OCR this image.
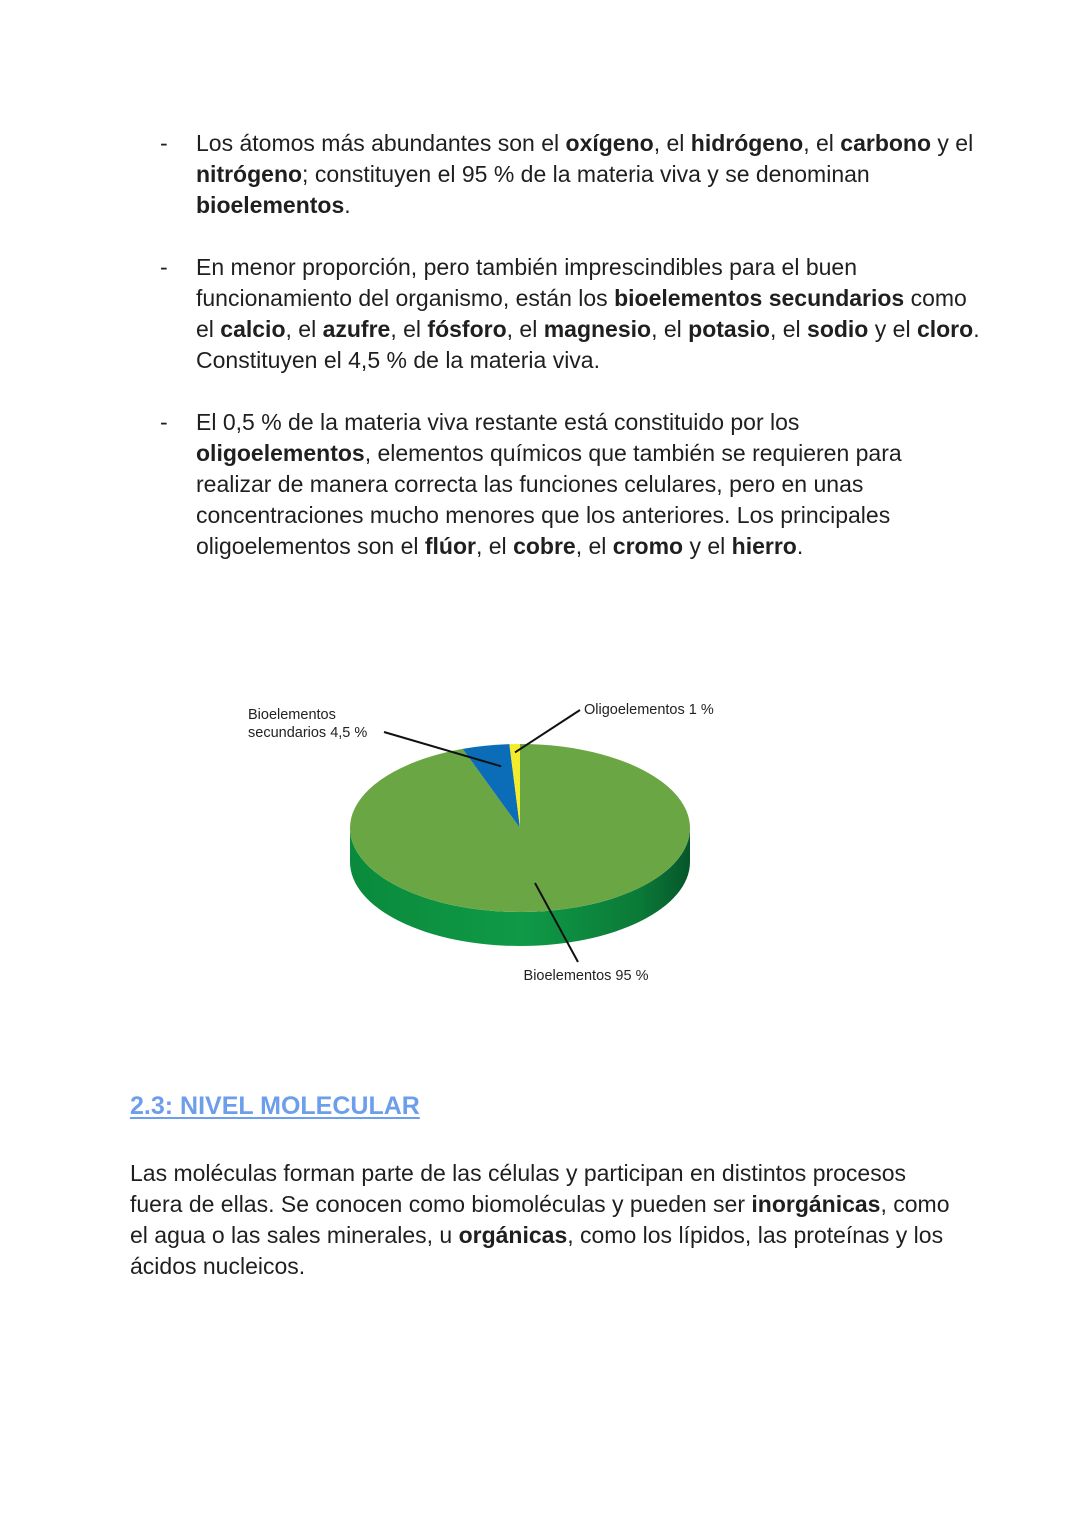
- Los átomos más abundantes son el oxígeno, el hidrógeno, el carbono y el nitrógeno; constituyen el 95 % de la materia viva y se denominan bioelementos.
- En menor proporción, pero también imprescindibles para el buen funcionamiento del organismo, están los bioelementos secundarios como el calcio, el azufre, el fósforo, el magnesio, el potasio, el sodio y el cloro. Constituyen el 4,5 % de la materia viva.
- El 0,5 % de la materia viva restante está constituido por los oligoelementos, elementos químicos que también se requieren para realizar de manera correcta las funciones celulares, pero en unas concentraciones mucho menores que los anteriores. Los principales oligoelementos son el flúor, el cobre, el cromo y el hierro.
Bioelementos secundarios 4,5 %
Oligoelementos 1 %
Bioelementos 95 %
2.3: NIVEL MOLECULAR

Las moléculas forman parte de las células y participan en distintos procesos fuera de ellas. Se conocen como biomoléculas y pueden ser inorgánicas, como el agua o las sales minerales, u orgánicas, como los lípidos, las proteínas y los ácidos nucleicos.
